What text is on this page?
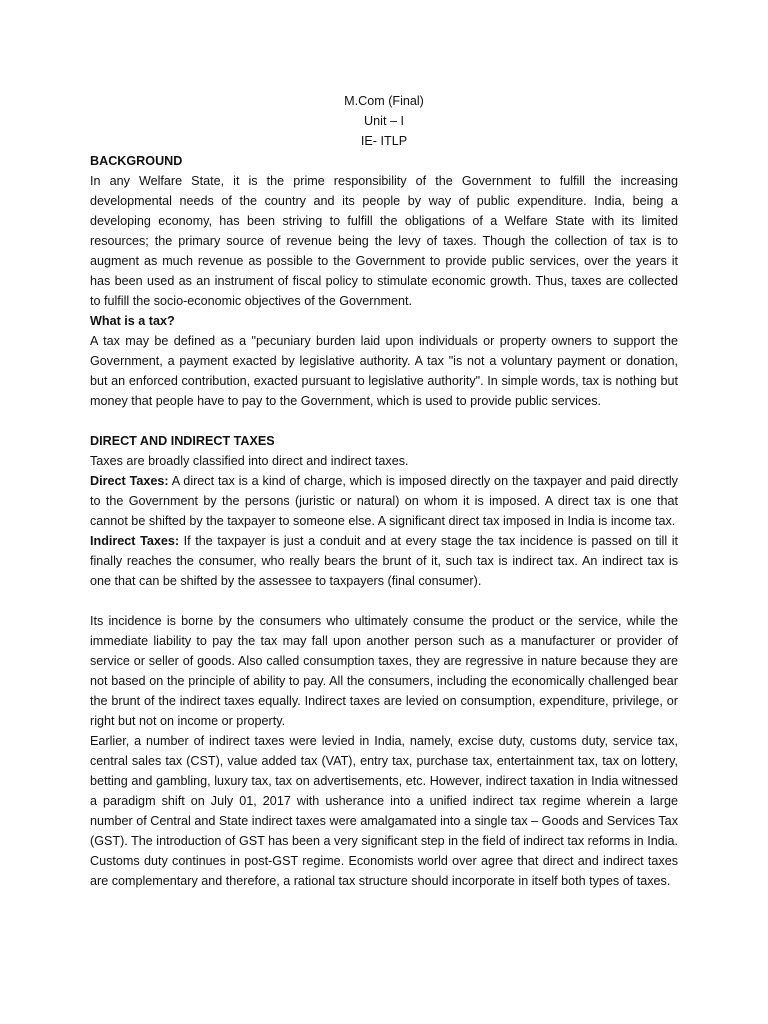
M.Com (Final)
Unit – I
IE- ITLP
BACKGROUND

In any Welfare State, it is the prime responsibility of the Government to fulfill the increasing developmental needs of the country and its people by way of public expenditure. India, being a developing economy, has been striving to fulfill the obligations of a Welfare State with its limited resources; the primary source of revenue being the levy of taxes. Though the collection of tax is to augment as much revenue as possible to the Government to provide public services, over the years it has been used as an instrument of fiscal policy to stimulate economic growth. Thus, taxes are collected to fulfill the socio-economic objectives of the Government.

What is a tax?

A tax may be defined as a "pecuniary burden laid upon individuals or property owners to support the Government, a payment exacted by legislative authority. A tax "is not a voluntary payment or donation, but an enforced contribution, exacted pursuant to legislative authority". In simple words, tax is nothing but money that people have to pay to the Government, which is used to provide public services.

DIRECT AND INDIRECT TAXES

Taxes are broadly classified into direct and indirect taxes.

Direct Taxes: A direct tax is a kind of charge, which is imposed directly on the taxpayer and paid directly to the Government by the persons (juristic or natural) on whom it is imposed. A direct tax is one that cannot be shifted by the taxpayer to someone else. A significant direct tax imposed in India is income tax.

Indirect Taxes: If the taxpayer is just a conduit and at every stage the tax incidence is passed on till it finally reaches the consumer, who really bears the brunt of it, such tax is indirect tax. An indirect tax is one that can be shifted by the assessee to taxpayers (final consumer).

Its incidence is borne by the consumers who ultimately consume the product or the service, while the immediate liability to pay the tax may fall upon another person such as a manufacturer or provider of service or seller of goods. Also called consumption taxes, they are regressive in nature because they are not based on the principle of ability to pay. All the consumers, including the economically challenged bear the brunt of the indirect taxes equally. Indirect taxes are levied on consumption, expenditure, privilege, or right but not on income or property.

Earlier, a number of indirect taxes were levied in India, namely, excise duty, customs duty, service tax, central sales tax (CST), value added tax (VAT), entry tax, purchase tax, entertainment tax, tax on lottery, betting and gambling, luxury tax, tax on advertisements, etc. However, indirect taxation in India witnessed a paradigm shift on July 01, 2017 with usherance into a unified indirect tax regime wherein a large number of Central and State indirect taxes were amalgamated into a single tax – Goods and Services Tax (GST). The introduction of GST has been a very significant step in the field of indirect tax reforms in India. Customs duty continues in post-GST regime. Economists world over agree that direct and indirect taxes are complementary and therefore, a rational tax structure should incorporate in itself both types of taxes.
